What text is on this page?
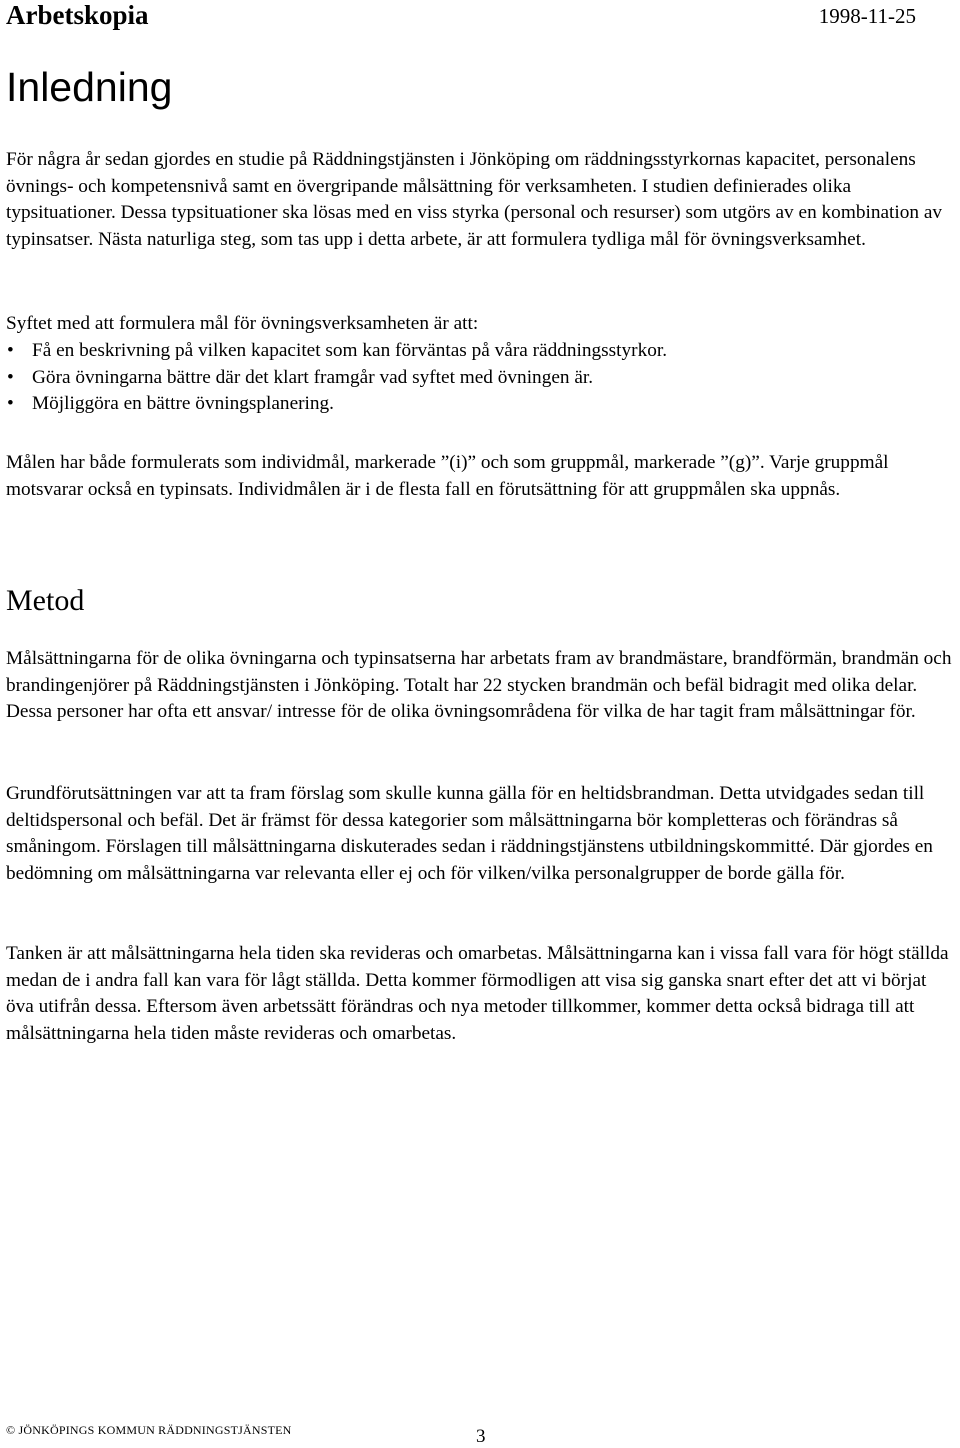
Arbetskopia	1998-11-25
Inledning

För några år sedan gjordes en studie på Räddningstjänsten i Jönköping om räddningsstyrkornas kapacitet, personalens övnings- och kompetensnivå samt en övergripande målsättning för verksamheten. I studien definierades olika typsituationer. Dessa typsituationer ska lösas med en viss styrka (personal och resurser) som utgörs av en kombination av typinsatser. Nästa naturliga steg, som tas upp i detta arbete, är att formulera tydliga mål för övningsverksamhet.

Syftet med att formulera mål för övningsverksamheten är att:

• Få en beskrivning på vilken kapacitet som kan förväntas på våra räddningsstyrkor.
• Göra övningarna bättre där det klart framgår vad syftet med övningen är.
• Möjliggöra en bättre övningsplanering.

Målen har både formulerats som individmål, markerade ”(i)” och som gruppmål, markerade ”(g)”. Varje gruppmål motsvarar också en typinsats. Individmålen är i de flesta fall en förutsättning för att gruppmålen ska uppnås.

Metod

Målsättningarna för de olika övningarna och typinsatserna har arbetats fram av brandmästare, brandförmän, brandmän och brandingenjörer på Räddningstjänsten i Jönköping. Totalt har 22 stycken brandmän och befäl bidragit med olika delar. Dessa personer har ofta ett ansvar/ intresse för de olika övningsområdena för vilka de har tagit fram målsättningar för.

Grundförutsättningen var att ta fram förslag som skulle kunna gälla för en heltidsbrandman. Detta utvidgades sedan till deltidspersonal och befäl. Det är främst för dessa kategorier som målsättningarna bör kompletteras och förändras så småningom. Förslagen till målsättningarna diskuterades sedan i räddningstjänstens utbildningskommitté. Där gjordes en bedömning om målsättningarna var relevanta eller ej och för vilken/vilka personalgrupper de borde gälla för.

Tanken är att målsättningarna hela tiden ska revideras och omarbetas. Målsättningarna kan i vissa fall vara för högt ställda medan de i andra fall kan vara för lågt ställda. Detta kommer förmodligen att visa sig ganska snart efter det att vi börjat öva utifrån dessa. Eftersom även arbetssätt förändras och nya metoder tillkommer, kommer detta också bidraga till att målsättningarna hela tiden måste revideras och omarbetas.

© JÖNKÖPINGS KOMMUN RÄDDNINGSTJÄNSTEN	3
